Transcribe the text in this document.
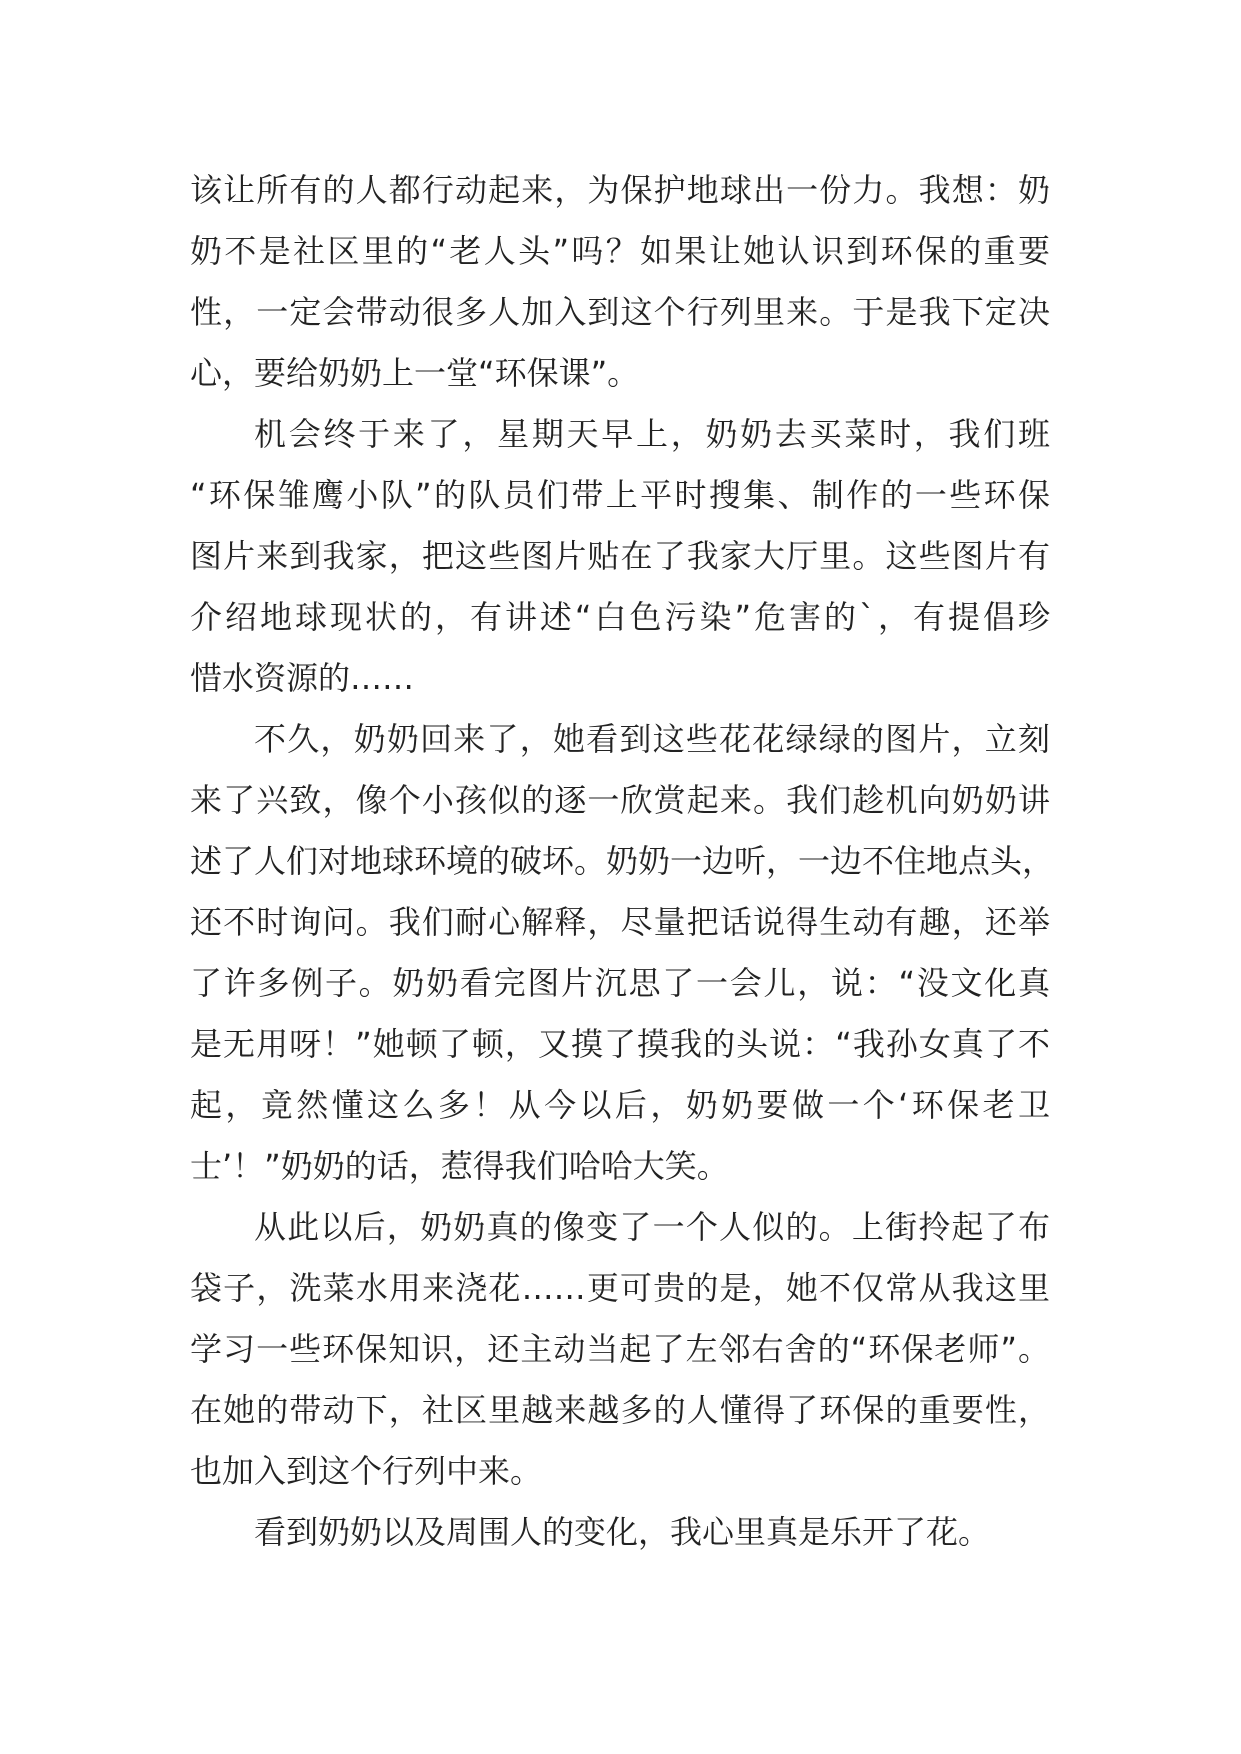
该让所有的人都行动起来，为保护地球出一份力。我想：奶
奶不是社区里的“老人头”吗？如果让她认识到环保的重要
性，一定会带动很多人加入到这个行列里来。于是我下定决
心，要给奶奶上一堂“环保课”。
机会终于来了，星期天早上，奶奶去买菜时，我们班
“环保雏鹰小队”的队员们带上平时搜集、制作的一些环保
图片来到我家，把这些图片贴在了我家大厅里。这些图片有
介绍地球现状的，有讲述“白色污染”危害的`，有提倡珍
惜水资源的……
不久，奶奶回来了，她看到这些花花绿绿的图片，立刻
来了兴致，像个小孩似的逐一欣赏起来。我们趁机向奶奶讲
述了人们对地球环境的破坏。奶奶一边听，一边不住地点头，
还不时询问。我们耐心解释，尽量把话说得生动有趣，还举
了许多例子。奶奶看完图片沉思了一会儿，说：“没文化真
是无用呀！”她顿了顿，又摸了摸我的头说：“我孙女真了不
起，竟然懂这么多！从今以后，奶奶要做一个‘环保老卫
士’！”奶奶的话，惹得我们哈哈大笑。
从此以后，奶奶真的像变了一个人似的。上街拎起了布
袋子，洗菜水用来浇花……更可贵的是，她不仅常从我这里
学习一些环保知识，还主动当起了左邻右舍的“环保老师”。
在她的带动下，社区里越来越多的人懂得了环保的重要性，
也加入到这个行列中来。
看到奶奶以及周围人的变化，我心里真是乐开了花。
